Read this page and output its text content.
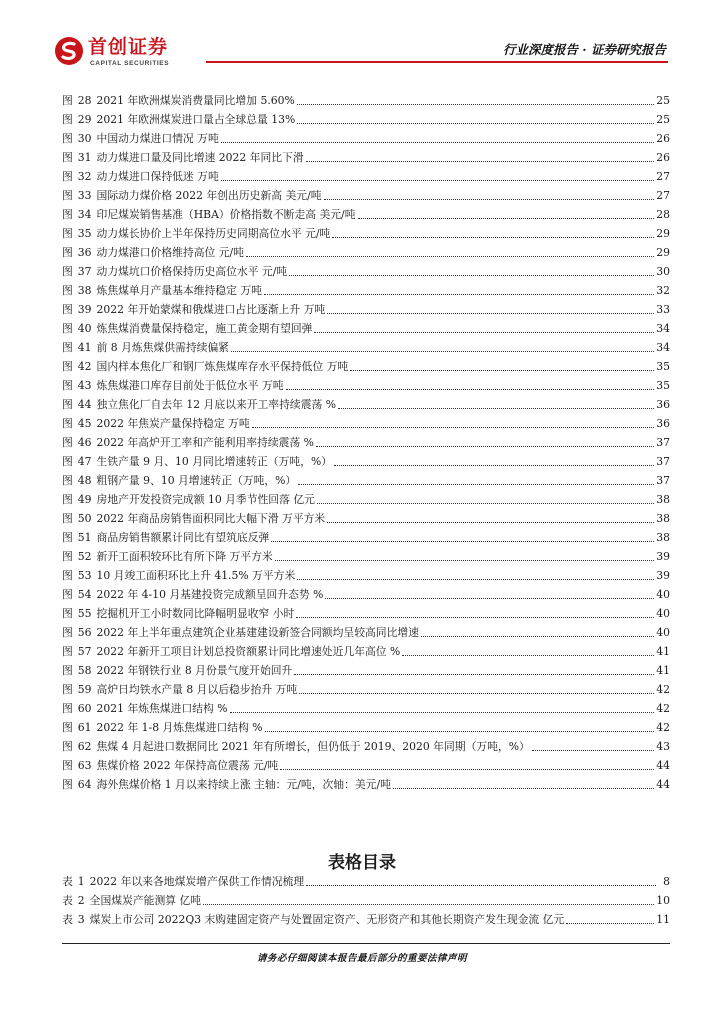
首创证券
CAPITAL SECURITIES
行业深度报告 · 证券研究报告
图 28 2021 年欧洲煤炭消费量同比增加 5.60%	25
图 29 2021 年欧洲煤炭进口量占全球总量 13%	25
图 30 中国动力煤进口情况 万吨	26
图 31 动力煤进口量及同比增速 2022 年同比下滑	26
图 32 动力煤进口保持低迷 万吨	27
图 33 国际动力煤价格 2022 年创出历史新高 美元/吨	27
图 34 印尼煤炭销售基准（HBA）价格指数不断走高 美元/吨	28
图 35 动力煤长协价上半年保持历史同期高位水平 元/吨	29
图 36 动力煤港口价格维持高位 元/吨	29
图 37 动力煤坑口价格保持历史高位水平 元/吨	30
图 38 炼焦煤单月产量基本维持稳定 万吨	32
图 39 2022 年开始蒙煤和俄煤进口占比逐渐上升 万吨	33
图 40 炼焦煤消费量保持稳定，施工黄金期有望回弹	34
图 41 前 8 月炼焦煤供需持续偏紧	34
图 42 国内样本焦化厂和钢厂炼焦煤库存水平保持低位 万吨	35
图 43 炼焦煤港口库存目前处于低位水平 万吨	35
图 44 独立焦化厂自去年 12 月底以来开工率持续震荡 %	36
图 45 2022 年焦炭产量保持稳定 万吨	36
图 46 2022 年高炉开工率和产能利用率持续震荡 %	37
图 47 生铁产量 9 月、10 月同比增速转正（万吨，%）	37
图 48 粗钢产量 9、10 月增速转正（万吨，%）	37
图 49 房地产开发投资完成额 10 月季节性回落 亿元	38
图 50 2022 年商品房销售面积同比大幅下滑 万平方米	38
图 51 商品房销售额累计同比有望筑底反弹	38
图 52 新开工面积较环比有所下降 万平方米	39
图 53 10 月竣工面积环比上升 41.5% 万平方米	39
图 54 2022 年 4-10 月基建投资完成额呈回升态势 %	40
图 55 挖掘机开工小时数同比降幅明显收窄 小时	40
图 56 2022 年上半年重点建筑企业基建建设新签合同额均呈较高同比增速	40
图 57 2022 年新开工项目计划总投资额累计同比增速处近几年高位 %	41
图 58 2022 年钢铁行业 8 月份景气度开始回升	41
图 59 高炉日均铁水产量 8 月以后稳步抬升 万吨	42
图 60 2021 年炼焦煤进口结构 %	42
图 61 2022 年 1-8 月炼焦煤进口结构 %	42
图 62 焦煤 4 月起进口数据同比 2021 年有所增长，但仍低于 2019、2020 年同期（万吨，%）	43
图 63 焦煤价格 2022 年保持高位震荡 元/吨	44
图 64 海外焦煤价格 1 月以来持续上涨 主轴：元/吨，次轴：美元/吨	44
表格目录
表 1 2022 年以来各地煤炭增产保供工作情况梳理	8
表 2 全国煤炭产能测算 亿吨	10
表 3 煤炭上市公司 2022Q3 末购建固定资产与处置固定资产、无形资产和其他长期资产发生现金流 亿元	11
请务必仔细阅读本报告最后部分的重要法律声明
